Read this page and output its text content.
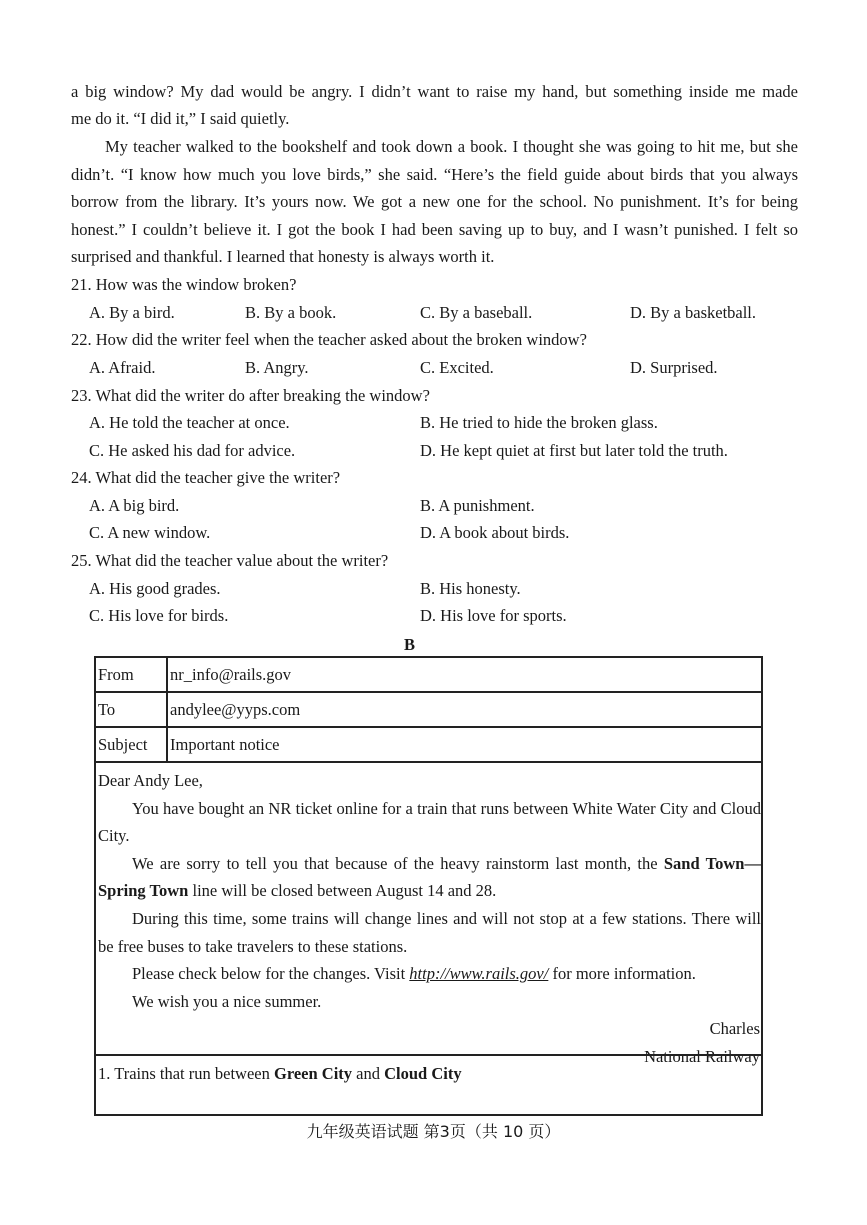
a big window? My dad would be angry. I didn’t want to raise my hand, but something inside me made
me do it. “I did it,” I said quietly.
My teacher walked to the bookshelf and took down a book. I thought she was going to hit me, but she didn’t. “I know how much you love birds,” she said. “Here’s the field guide about birds that you always borrow from the library. It’s yours now. We got a new one for the school. No punishment. It’s for being honest.” I couldn’t believe it. I got the book I had been saving up to buy, and I wasn’t punished. I felt so surprised and thankful. I learned that honesty is always worth it.
21. How was the window broken?
A. By a bird.	B. By a book.	C. By a baseball.	D. By a basketball.
22. How did the writer feel when the teacher asked about the broken window?
A. Afraid.	B. Angry.	C. Excited.	D. Surprised.
23. What did the writer do after breaking the window?
A. He told the teacher at once.	B. He tried to hide the broken glass.
C. He asked his dad for advice.	D. He kept quiet at first but later told the truth.
24. What did the teacher give the writer?
A. A big bird.	B. A punishment.
C. A new window.	D. A book about birds.
25. What did the teacher value about the writer?
A. His good grades.	B. His honesty.
C. His love for birds.	D. His love for sports.
B
From	nr_info@rails.gov
To	andylee@yyps.com
Subject	Important notice
Dear Andy Lee,
You have bought an NR ticket online for a train that runs between White Water City and Cloud City.
We are sorry to tell you that because of the heavy rainstorm last month, the Sand Town—Spring Town line will be closed between August 14 and 28.
During this time, some trains will change lines and will not stop at a few stations. There will be free buses to take travelers to these stations.
Please check below for the changes. Visit http://www.rails.gov/ for more information.
We wish you a nice summer.
Charles
National Railway
1. Trains that run between Green City and Cloud City
九年级英语试题 第3页（共 10 页）
